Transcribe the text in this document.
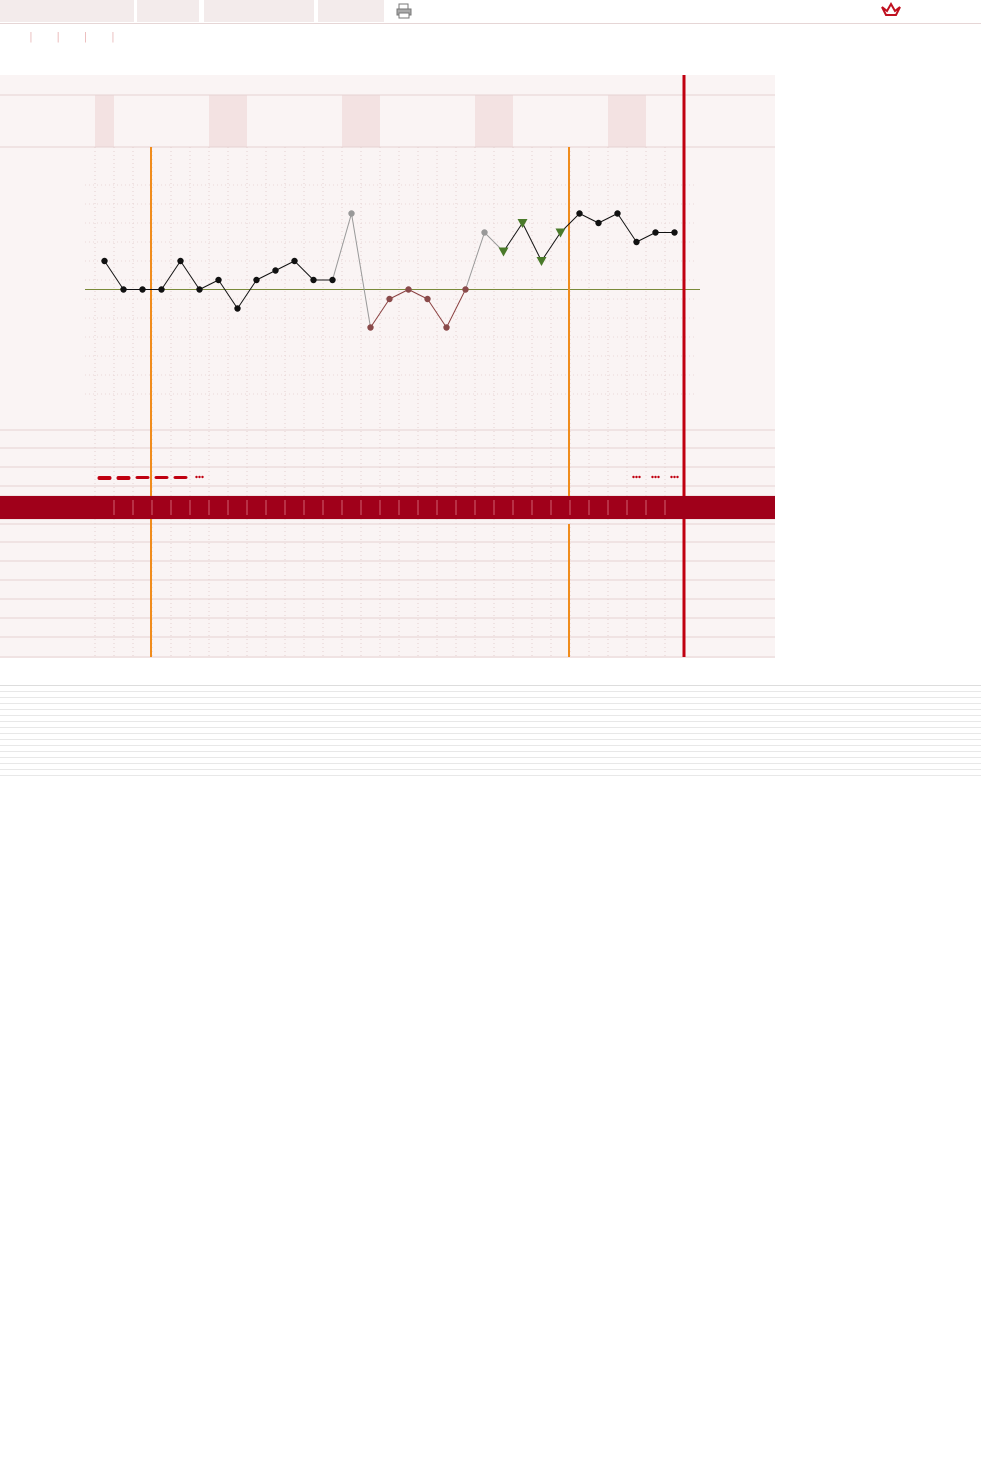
|        |        |        |
